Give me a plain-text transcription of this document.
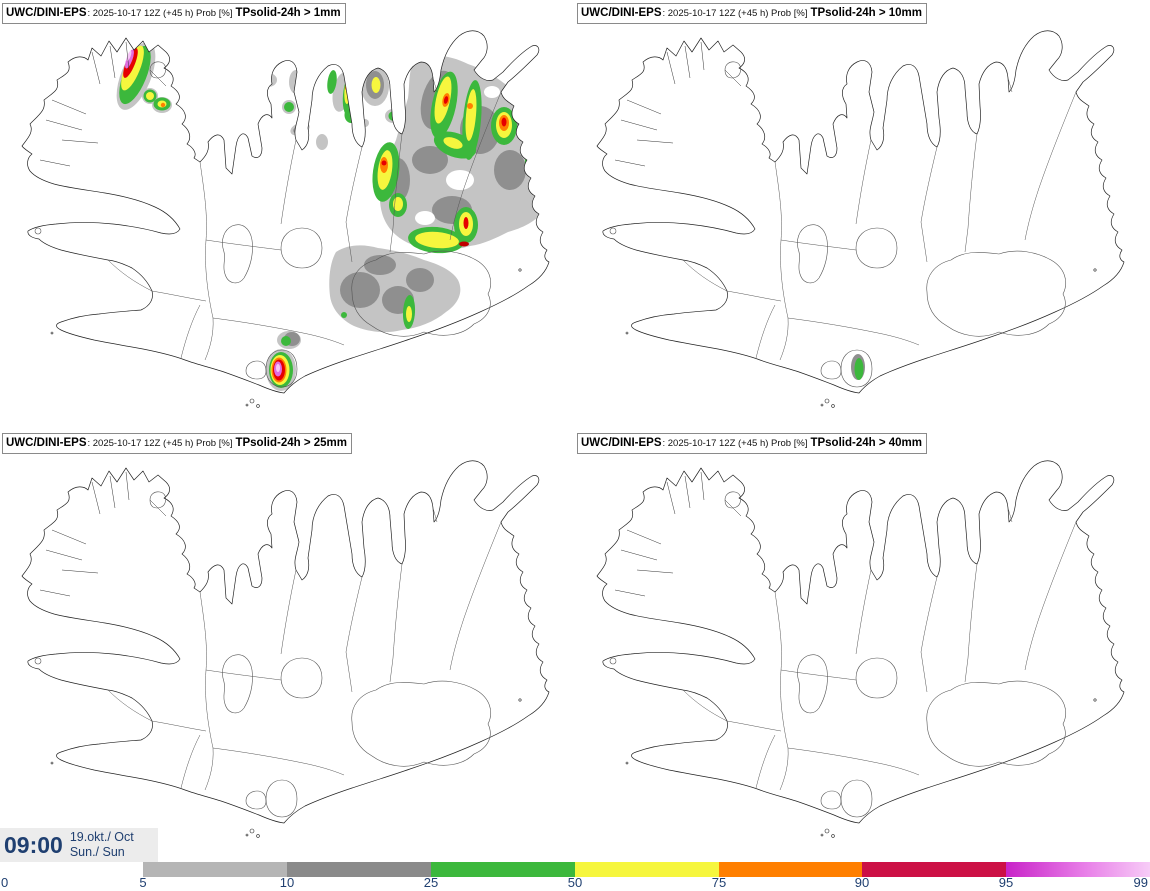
UWC/DINI-EPS: 2025-10-17 12Z (+45 h) Prob [%] TPsolid-24h > 1mm	UWC/DINI-EPS: 2025-10-17 12Z (+45 h) Prob [%] TPsolid-24h > 10mm
UWC/DINI-EPS: 2025-10-17 12Z (+45 h) Prob [%] TPsolid-24h > 25mm	UWC/DINI-EPS: 2025-10-17 12Z (+45 h) Prob [%] TPsolid-24h > 40mm
09:00 19.okt./ Oct
Sun./ Sun
0	5	10	25	50	75	90	95	99
